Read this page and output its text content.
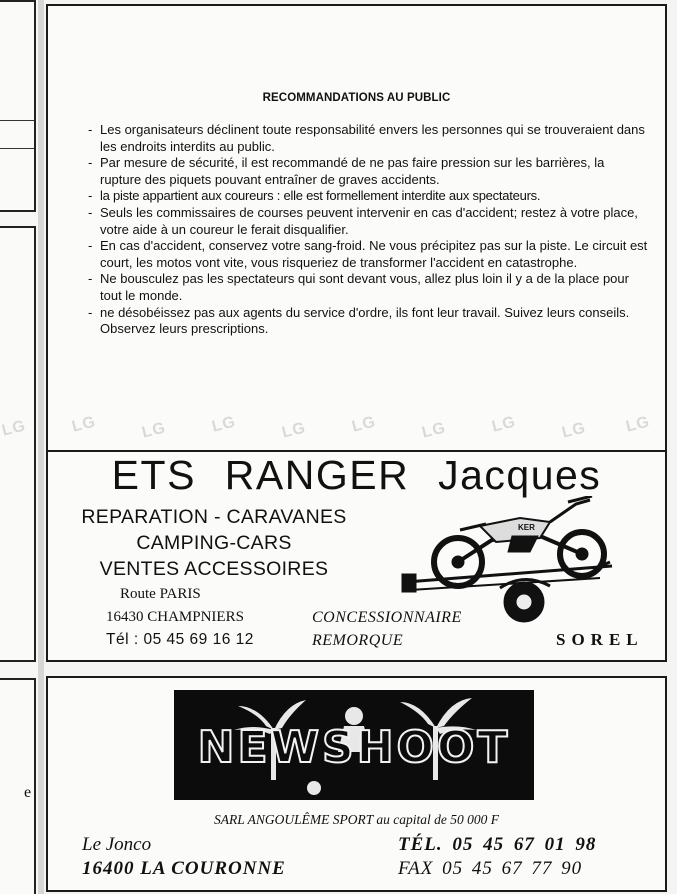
e
RECOMMANDATIONS AU PUBLIC
- Les organisateurs déclinent toute responsabilité envers les personnes qui se trouveraient dans les endroits interdits au public.
- Par mesure de sécurité, il est recommandé de ne pas faire pression sur les barrières, la rupture des piquets pouvant entraîner de graves accidents.
- la piste appartient aux coureurs : elle est formellement interdite aux spectateurs.
- Seuls les commissaires de courses peuvent intervenir en cas d'accident; restez à votre place, votre aide à un coureur le ferait disqualifier.
- En cas d'accident, conservez votre sang-froid. Ne vous précipitez pas sur la piste. Le circuit est court, les motos vont vite, vous risqueriez de transformer l'accident en catastrophe.
- Ne bousculez pas les spectateurs qui sont devant vous, allez plus loin il y a de la place pour tout le monde.
- ne désobéissez pas aux agents du service d'ordre, ils font leur travail. Suivez leurs conseils. Observez leurs prescriptions.
LG	LG	LG	LG	LG	LG	LG	LG	LG LG
ETS RANGER Jacques
REPARATION - CARAVANES
CAMPING-CARS
VENTES ACCESSOIRES
Route PARIS
16430 CHAMPNIERS
Tél : 05 45 69 16 12
CONCESSIONNAIRE
REMORQUE	SOREL
KER
NEWSHOOT
SARL ANGOULÊME SPORT au capital de 50 000 F
Le Jonco
16400 LA COURONNE
TÉL. 05 45 67 01 98
FAX 05 45 67 77 90
